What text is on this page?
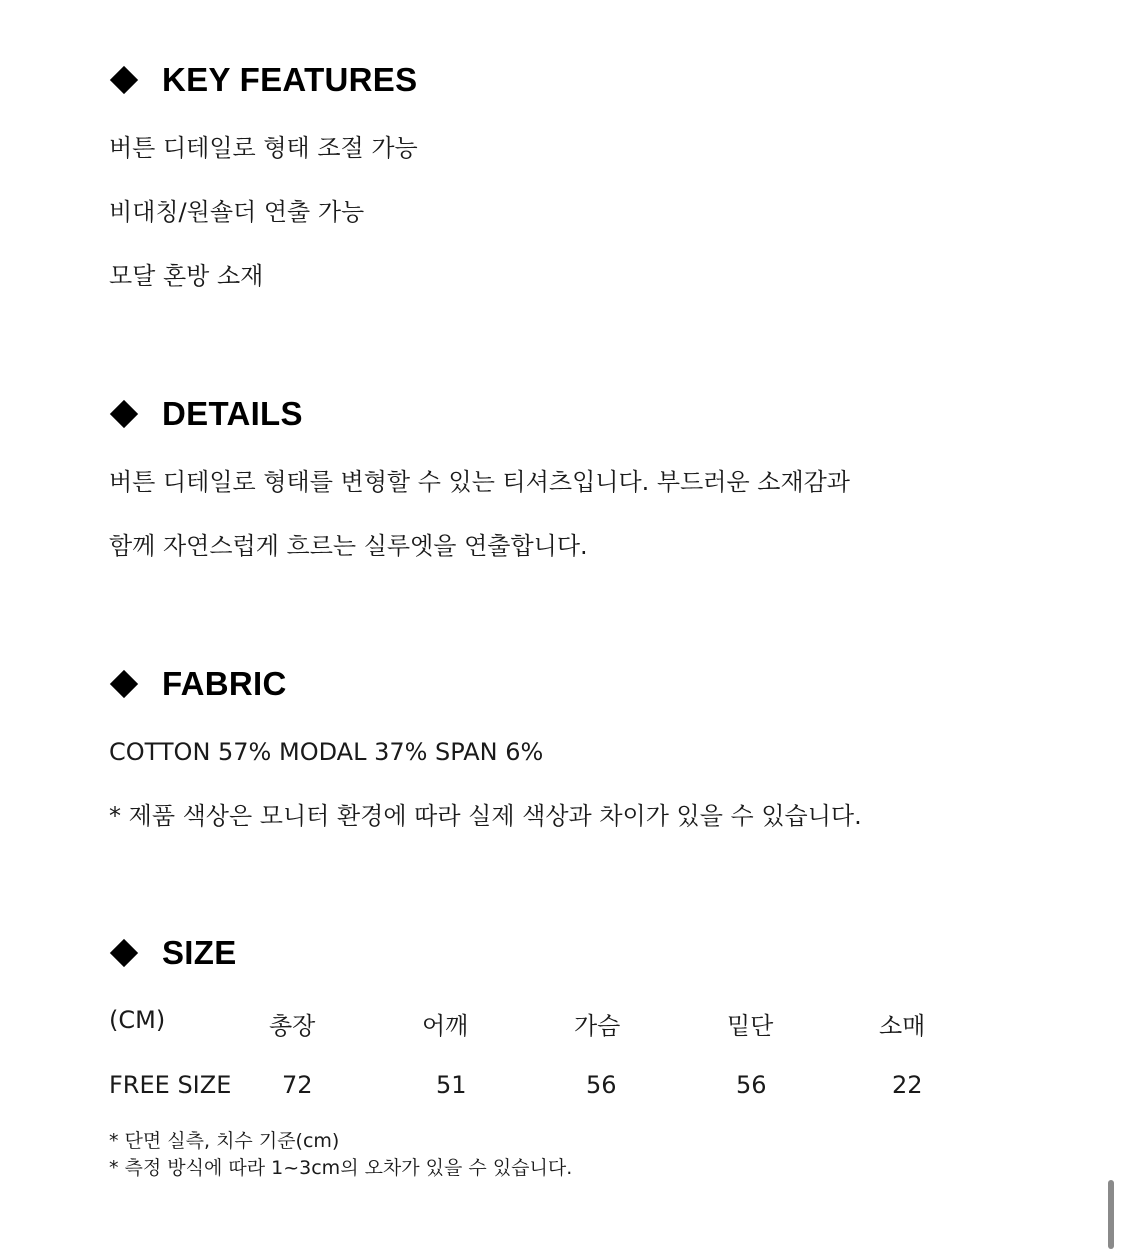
KEY FEATURES
버튼 디테일로 형태 조절 가능
비대칭/원숄더 연출 가능
모달 혼방 소재
DETAILS
버튼 디테일로 형태를 변형할 수 있는 티셔츠입니다. 부드러운 소재감과
함께 자연스럽게 흐르는 실루엣을 연출합니다.
FABRIC
COTTON 57% MODAL 37% SPAN 6%
* 제품 색상은 모니터 환경에 따라 실제 색상과 차이가 있을 수 있습니다.
SIZE
(CM)	총장	어깨	가슴	밑단	소매
FREE SIZE 72	51	56	56	22
* 단면 실측, 치수 기준(cm)
* 측정 방식에 따라 1~3cm의 오차가 있을 수 있습니다.
